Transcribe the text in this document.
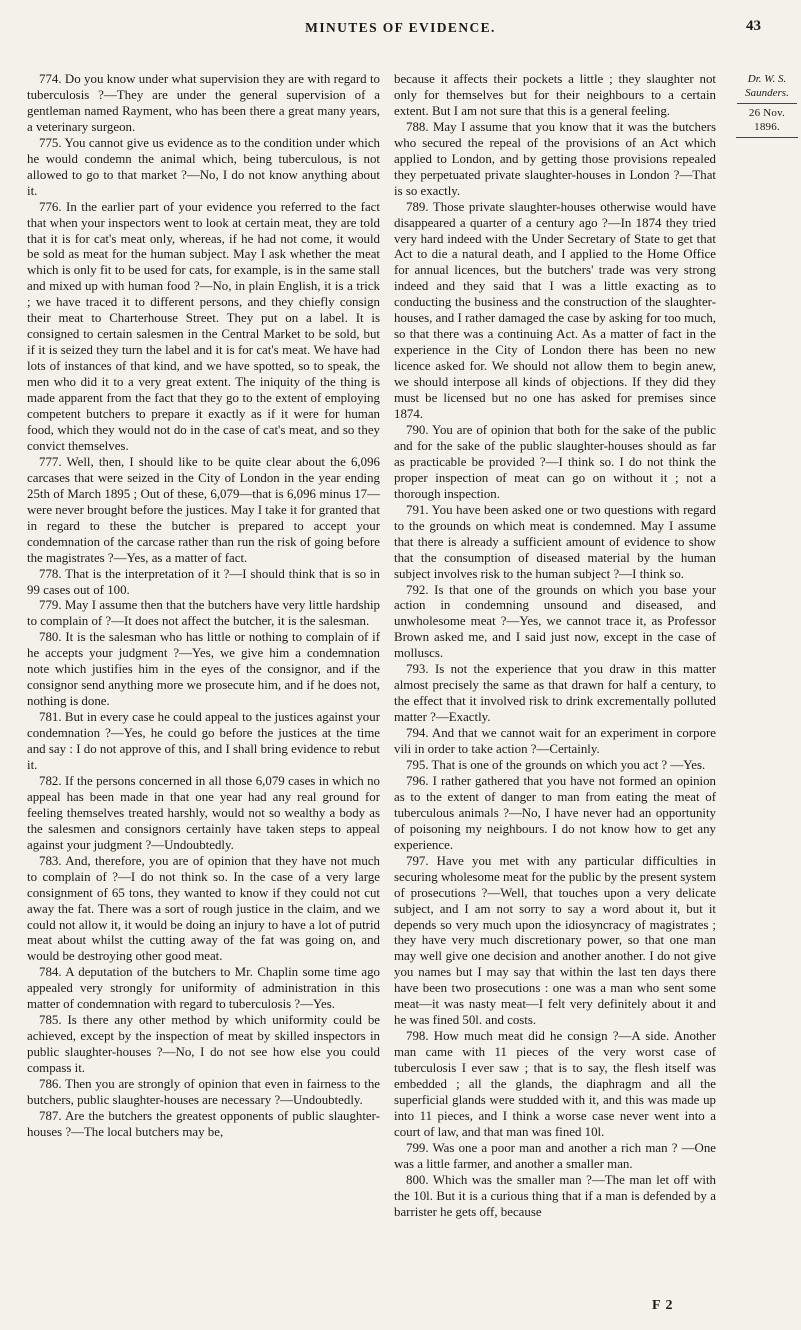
MINUTES OF EVIDENCE.	43

774. Do you know under what supervision they are with regard to tuberculosis ?—They are under the general supervision of a gentleman named Rayment, who has been there a great many years, a veterinary surgeon.

775. You cannot give us evidence as to the condition under which he would condemn the animal which, being tuberculous, is not allowed to go to that market ?—No, I do not know anything about it.

776. In the earlier part of your evidence you referred to the fact that when your inspectors went to look at certain meat, they are told that it is for cat's meat only, whereas, if he had not come, it would be sold as meat for the human subject. May I ask whether the meat which is only fit to be used for cats, for example, is in the same stall and mixed up with human food ?—No, in plain English, it is a trick ; we have traced it to different persons, and they chiefly consign their meat to Charterhouse Street. They put on a label. It is consigned to certain salesmen in the Central Market to be sold, but if it is seized they turn the label and it is for cat's meat. We have had lots of instances of that kind, and we have spotted, so to speak, the men who did it to a very great extent. The iniquity of the thing is made apparent from the fact that they go to the extent of employing competent butchers to prepare it exactly as if it were for human food, which they would not do in the case of cat's meat, and so they convict themselves.

777. Well, then, I should like to be quite clear about the 6,096 carcases that were seized in the City of London in the year ending 25th of March 1895 ; Out of these, 6,079—that is 6,096 minus 17—were never brought before the justices. May I take it for granted that in regard to these the butcher is prepared to accept your condemnation of the carcase rather than run the risk of going before the magistrates ?—Yes, as a matter of fact.

778. That is the interpretation of it ?—I should think that is so in 99 cases out of 100.

779. May I assume then that the butchers have very little hardship to complain of ?—It does not affect the butcher, it is the salesman.

780. It is the salesman who has little or nothing to complain of if he accepts your judgment ?—Yes, we give him a condemnation note which justifies him in the eyes of the consignor, and if the consignor send anything more we prosecute him, and if he does not, nothing is done.

781. But in every case he could appeal to the justices against your condemnation ?—Yes, he could go before the justices at the time and say : I do not approve of this, and I shall bring evidence to rebut it.

782. If the persons concerned in all those 6,079 cases in which no appeal has been made in that one year had any real ground for feeling themselves treated harshly, would not so wealthy a body as the salesmen and consignors certainly have taken steps to appeal against your judgment ?—Undoubtedly.

783. And, therefore, you are of opinion that they have not much to complain of ?—I do not think so. In the case of a very large consignment of 65 tons, they wanted to know if they could not cut away the fat. There was a sort of rough justice in the claim, and we could not allow it, it would be doing an injury to have a lot of putrid meat about whilst the cutting away of the fat was going on, and would be destroying other good meat.

784. A deputation of the butchers to Mr. Chaplin some time ago appealed very strongly for uniformity of administration in this matter of condemnation with regard to tuberculosis ?—Yes.

785. Is there any other method by which uniformity could be achieved, except by the inspection of meat by skilled inspectors in public slaughter-houses ?—No, I do not see how else you could compass it.

786. Then you are strongly of opinion that even in fairness to the butchers, public slaughter-houses are necessary ?—Undoubtedly.

787. Are the butchers the greatest opponents of public slaughter-houses ?—The local butchers may be,

because it affects their pockets a little ; they slaughter not only for themselves but for their neighbours to a certain extent. But I am not sure that this is a general feeling.

788. May I assume that you know that it was the butchers who secured the repeal of the provisions of an Act which applied to London, and by getting those provisions repealed they perpetuated private slaughter-houses in London ?—That is so exactly.

789. Those private slaughter-houses otherwise would have disappeared a quarter of a century ago ?—In 1874 they tried very hard indeed with the Under Secretary of State to get that Act to die a natural death, and I applied to the Home Office for annual licences, but the butchers' trade was very strong indeed and they said that I was a little exacting as to conducting the business and the construction of the slaughter-houses, and I rather damaged the case by asking for too much, so that there was a continuing Act. As a matter of fact in the experience in the City of London there has been no new licence asked for. We should not allow them to begin anew, we should interpose all kinds of objections. If they did they must be licensed but no one has asked for premises since 1874.

790. You are of opinion that both for the sake of the public and for the sake of the public slaughter-houses should as far as practicable be provided ?—I think so. I do not think the proper inspection of meat can go on without it ; not a thorough inspection.

791. You have been asked one or two questions with regard to the grounds on which meat is condemned. May I assume that there is already a sufficient amount of evidence to show that the consumption of diseased material by the human subject involves risk to the human subject ?—I think so.

792. Is that one of the grounds on which you base your action in condemning unsound and diseased, and unwholesome meat ?—Yes, we cannot trace it, as Professor Brown asked me, and I said just now, except in the case of molluscs.

793. Is not the experience that you draw in this matter almost precisely the same as that drawn for half a century, to the effect that it involved risk to drink excrementally polluted matter ?—Exactly.

794. And that we cannot wait for an experiment in corpore vili in order to take action ?—Certainly.

795. That is one of the grounds on which you act ? —Yes.

796. I rather gathered that you have not formed an opinion as to the extent of danger to man from eating the meat of tuberculous animals ?—No, I have never had an opportunity of poisoning my neighbours. I do not know how to get any experience.

797. Have you met with any particular difficulties in securing wholesome meat for the public by the present system of prosecutions ?—Well, that touches upon a very delicate subject, and I am not sorry to say a word about it, but it depends so very much upon the idiosyncracy of magistrates ; they have very much discretionary power, so that one man may well give one decision and another another. I do not give you names but I may say that within the last ten days there have been two prosecutions : one was a man who sent some meat—it was nasty meat—I felt very definitely about it and he was fined 50l. and costs.

798. How much meat did he consign ?—A side. Another man came with 11 pieces of the very worst case of tuberculosis I ever saw ; that is to say, the flesh itself was embedded ; all the glands, the diaphragm and all the superficial glands were studded with it, and this was made up into 11 pieces, and I think a worse case never went into a court of law, and that man was fined 10l.

799. Was one a poor man and another a rich man ? —One was a little farmer, and another a smaller man.

800. Which was the smaller man ?—The man let off with the 10l. But it is a curious thing that if a man is defended by a barrister he gets off, because

Dr. W. S. Saunders.
26 Nov. 1896.
F 2
